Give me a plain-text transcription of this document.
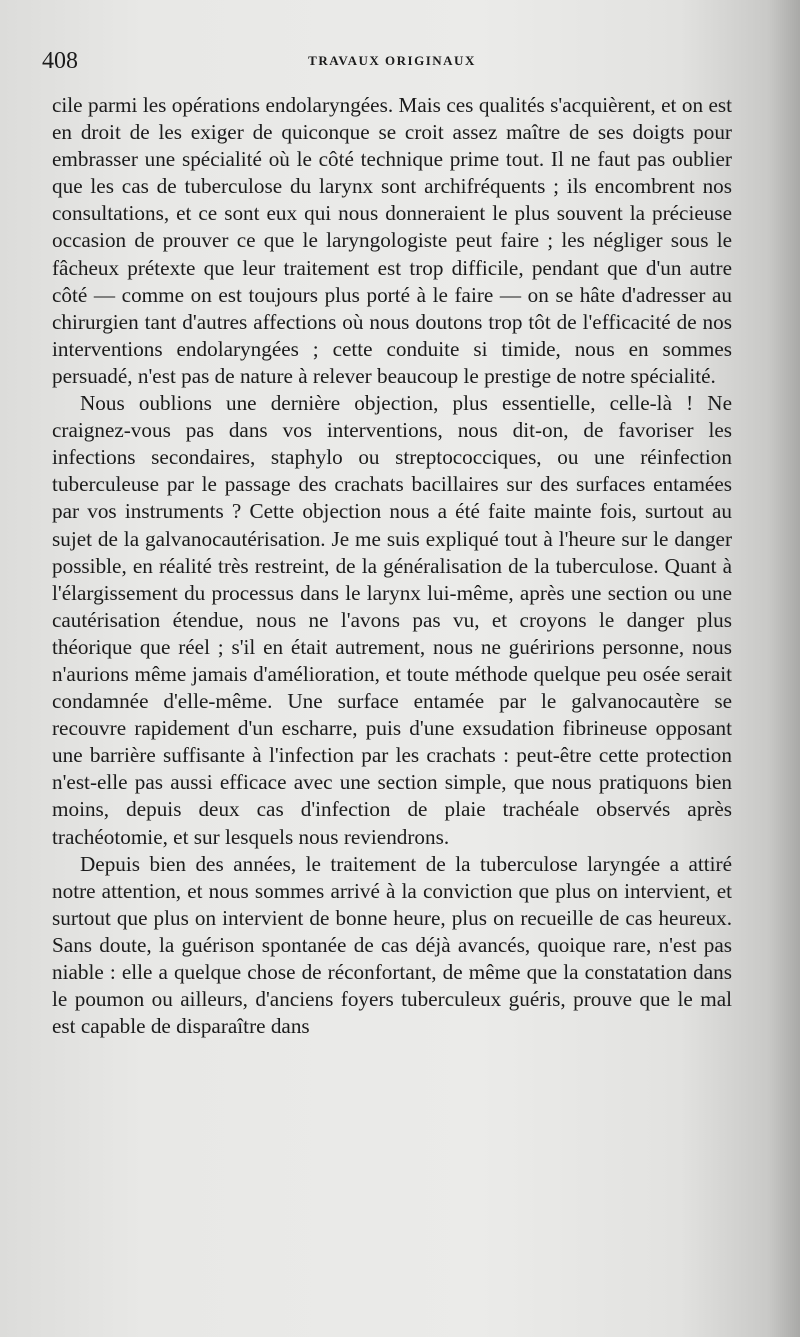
408	TRAVAUX ORIGINAUX

cile parmi les opérations endolaryngées. Mais ces qualités s'acquièrent, et on est en droit de les exiger de quiconque se croit assez maître de ses doigts pour embrasser une spécialité où le côté technique prime tout. Il ne faut pas oublier que les cas de tuberculose du larynx sont archifréquents ; ils encombrent nos consultations, et ce sont eux qui nous donneraient le plus souvent la précieuse occasion de prouver ce que le laryngologiste peut faire ; les négliger sous le fâcheux prétexte que leur traitement est trop difficile, pendant que d'un autre côté — comme on est toujours plus porté à le faire — on se hâte d'adresser au chirurgien tant d'autres affections où nous doutons trop tôt de l'efficacité de nos interventions endolaryngées ; cette conduite si timide, nous en sommes persuadé, n'est pas de nature à relever beaucoup le prestige de notre spécialité.

Nous oublions une dernière objection, plus essentielle, celle-là ! Ne craignez-vous pas dans vos interventions, nous dit-on, de favoriser les infections secondaires, staphylo ou streptococciques, ou une réinfection tuberculeuse par le passage des crachats bacillaires sur des surfaces entamées par vos instruments ? Cette objection nous a été faite mainte fois, surtout au sujet de la galvanocautérisation. Je me suis expliqué tout à l'heure sur le danger possible, en réalité très restreint, de la généralisation de la tuberculose. Quant à l'élargissement du processus dans le larynx lui-même, après une section ou une cautérisation étendue, nous ne l'avons pas vu, et croyons le danger plus théorique que réel ; s'il en était autrement, nous ne guéririons personne, nous n'aurions même jamais d'amélioration, et toute méthode quelque peu osée serait condamnée d'elle-même. Une surface entamée par le galvanocautère se recouvre rapidement d'un escharre, puis d'une exsudation fibrineuse opposant une barrière suffisante à l'infection par les crachats : peut-être cette protection n'est-elle pas aussi efficace avec une section simple, que nous pratiquons bien moins, depuis deux cas d'infection de plaie trachéale observés après trachéotomie, et sur lesquels nous reviendrons.

Depuis bien des années, le traitement de la tuberculose laryngée a attiré notre attention, et nous sommes arrivé à la conviction que plus on intervient, et surtout que plus on intervient de bonne heure, plus on recueille de cas heureux. Sans doute, la guérison spontanée de cas déjà avancés, quoique rare, n'est pas niable : elle a quelque chose de réconfortant, de même que la constatation dans le poumon ou ailleurs, d'anciens foyers tuberculeux guéris, prouve que le mal est capable de disparaître dans
